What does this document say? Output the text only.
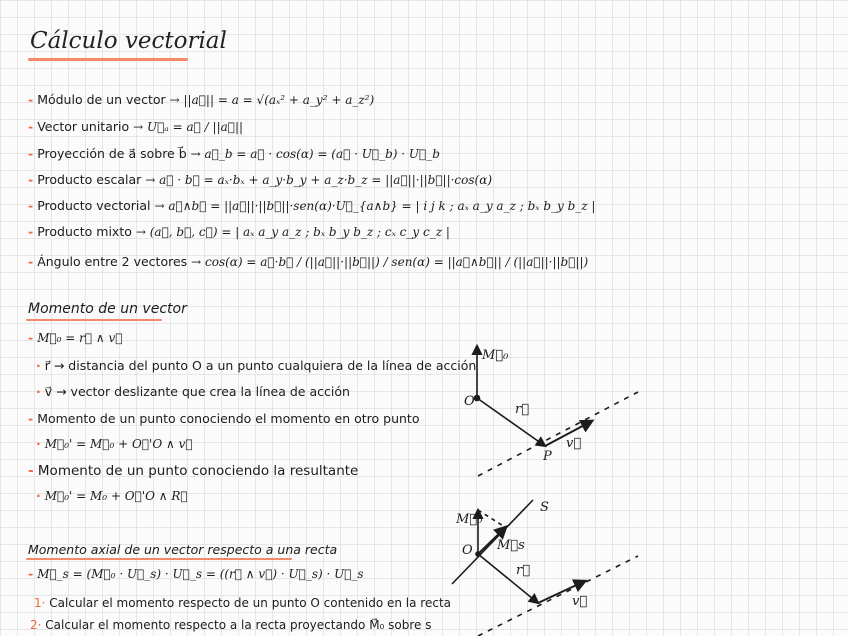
Cálculo vectorial
- Módulo de un vector → ||a⃗|| = a = √(aₓ² + a_y² + a_z²)
- Vector unitario → U⃗ₐ = a⃗ / ||a⃗||
- Proyección de a⃗ sobre b⃗ → a⃗_b = a⃗ · cos(α) = (a⃗ · U⃗_b) · U⃗_b
- Producto escalar → a⃗ · b⃗ = aₓ·bₓ + a_y·b_y + a_z·b_z = ||a⃗||·||b⃗||·cos(α)
- Producto vectorial → a⃗∧b⃗ = ||a⃗||·||b⃗||·sen(α)·U⃗_{a∧b} = | i j k ; aₓ a_y a_z ; bₓ b_y b_z |
- Producto mixto → (a⃗, b⃗, c⃗) = | aₓ a_y a_z ; bₓ b_y b_z ; cₓ c_y c_z |
- Ángulo entre 2 vectores → cos(α) = a⃗·b⃗ / (||a⃗||·||b⃗||) / sen(α) = ||a⃗∧b⃗|| / (||a⃗||·||b⃗||)
Momento de un vector
- M⃗₀ = r⃗ ∧ v⃗
· r⃗ → distancia del punto O a un punto cualquiera de la línea de acción
· v⃗ → vector deslizante que crea la línea de acción
- Momento de un punto conociendo el momento en otro punto
· M⃗₀' = M⃗₀ + O⃗'O ∧ v⃗
- Momento de un punto conociendo la resultante
· M⃗₀' = M₀ + O⃗'O ∧ R⃗
Momento axial de un vector respecto a una recta
- M⃗_s = (M⃗₀ · U⃗_s) · U⃗_s = ((r⃗ ∧ v⃗) · U⃗_s) · U⃗_s
1· Calcular el momento respecto de un punto O contenido en la recta
2· Calcular el momento respecto a la recta proyectando M⃗₀ sobre s
M⃗₀
O
r⃗
P
v⃗
M⃗₀
S
O M⃗s
r⃗
v⃗
